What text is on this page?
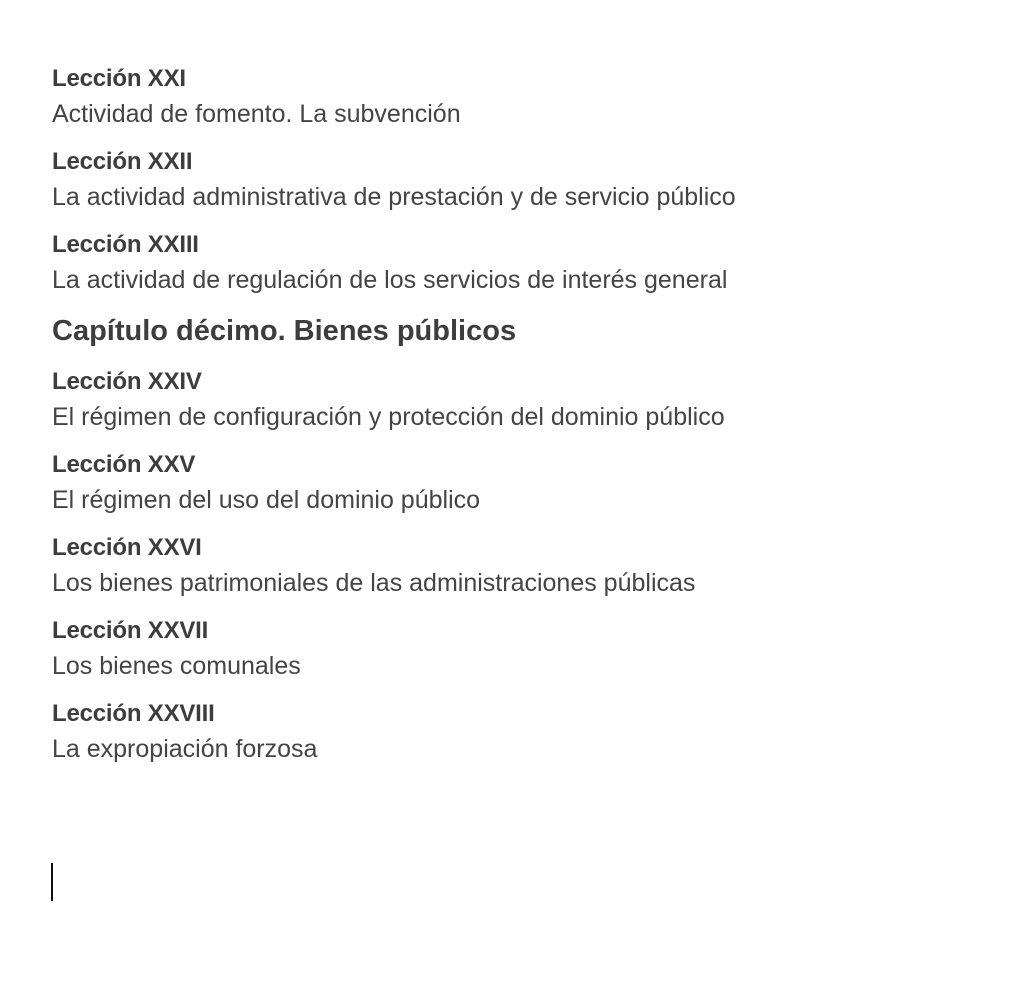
Lección XXI
Actividad de fomento. La subvención
Lección XXII
La actividad administrativa de prestación y de servicio público
Lección XXIII
La actividad de regulación de los servicios de interés general
Capítulo décimo. Bienes públicos
Lección XXIV
El régimen de configuración y protección del dominio público
Lección XXV
El régimen del uso del dominio público
Lección XXVI
Los bienes patrimoniales de las administraciones públicas
Lección XXVII
Los bienes comunales
Lección XXVIII
La expropiación forzosa
